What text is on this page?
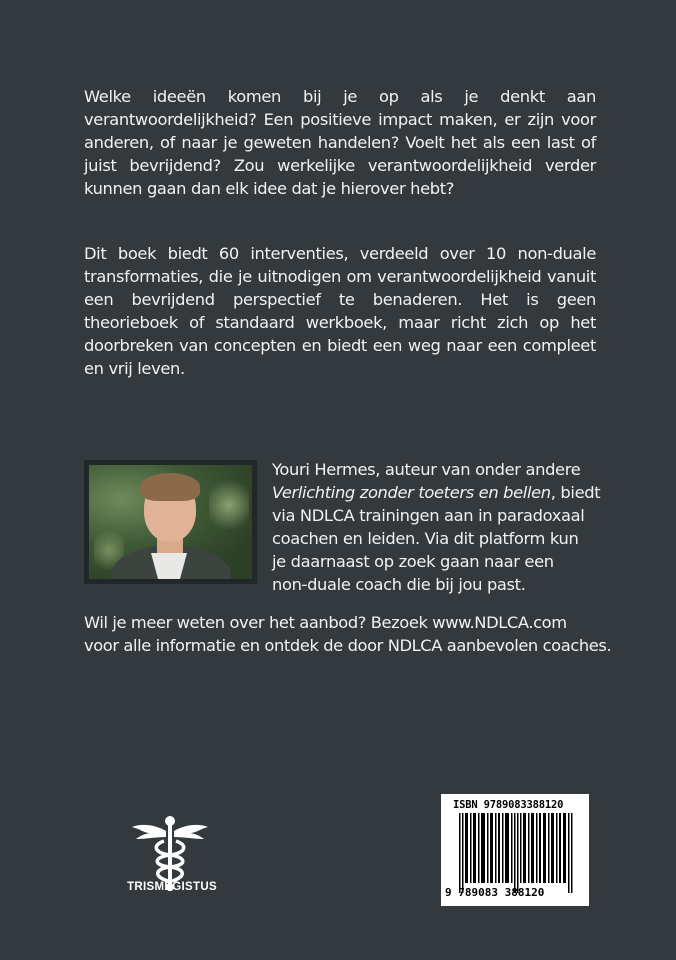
Welke ideeën komen bij je op als je denkt aan verantwoordelijkheid? Een positieve impact maken, er zijn voor anderen, of naar je geweten handelen? Voelt het als een last of juist bevrijdend? Zou werkelijke verantwoordelijkheid verder kunnen gaan dan elk idee dat je hierover hebt?

Dit boek biedt 60 interventies, verdeeld over 10 non-duale transformaties, die je uitnodigen om verantwoordelijkheid vanuit een bevrijdend perspectief te benaderen. Het is geen theorieboek of standaard werkboek, maar richt zich op het doorbreken van concepten en biedt een weg naar een compleet en vrij leven.

Youri Hermes, auteur van onder andere
Verlichting zonder toeters en bellen, biedt
via NDLCA trainingen aan in paradoxaal
coachen en leiden. Via dit platform kun
je daarnaast op zoek gaan naar een
non-duale coach die bij jou past.
Wil je meer weten over het aanbod? Bezoek www.NDLCA.com
voor alle informatie en ontdek de door NDLCA aanbevolen coaches.
TRISMEGISTUS
ISBN 9789083388120
9 789083 388120
